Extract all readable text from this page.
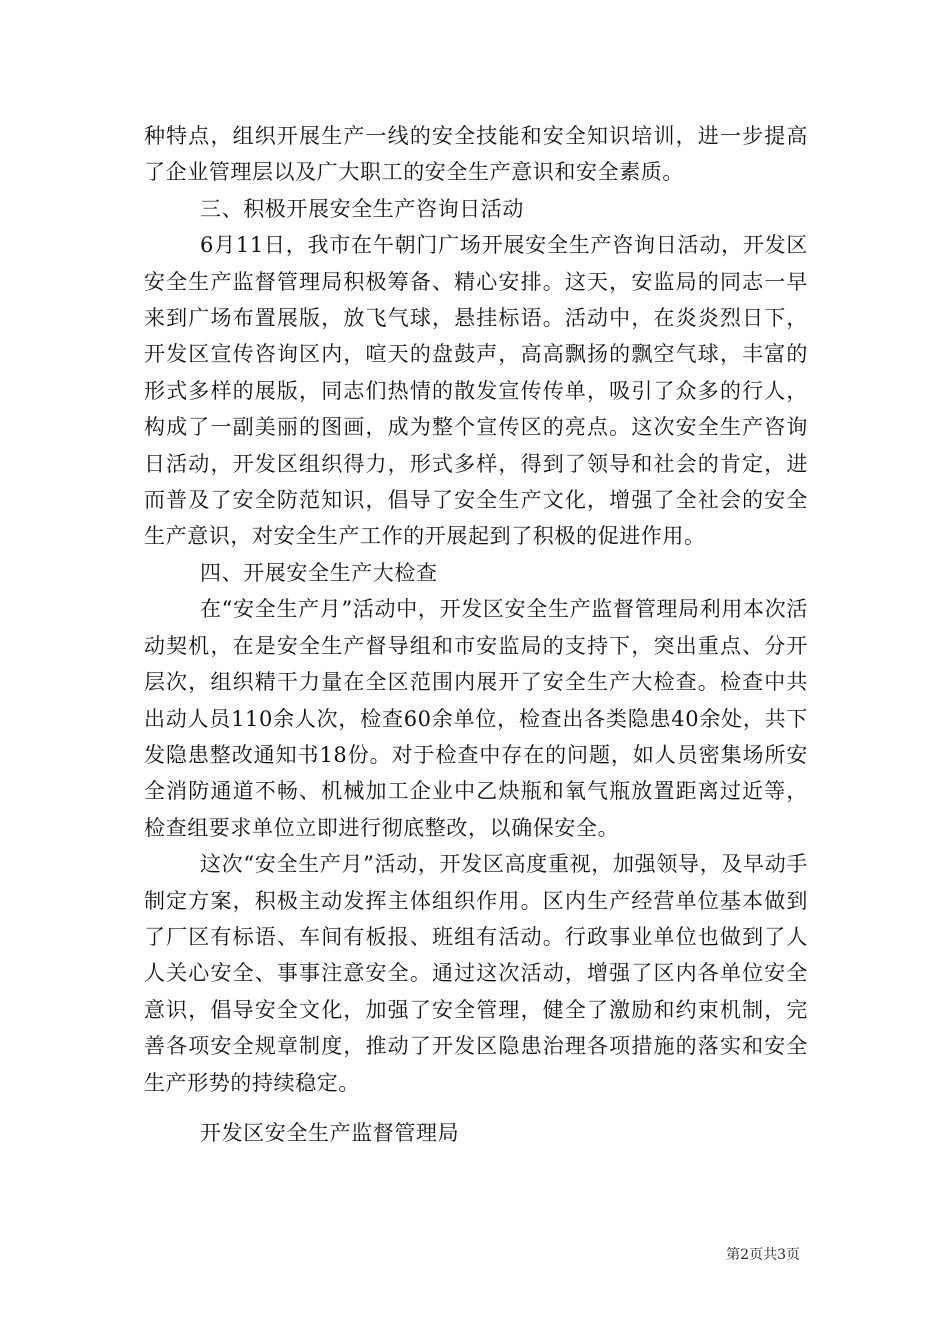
种特点，组织开展生产一线的安全技能和安全知识培训，进一步提高了企业管理层以及广大职工的安全生产意识和安全素质。

三、积极开展安全生产咨询日活动

6月11日，我市在午朝门广场开展安全生产咨询日活动，开发区安全生产监督管理局积极筹备、精心安排。这天，安监局的同志一早来到广场布置展版，放飞气球，悬挂标语。活动中，在炎炎烈日下，开发区宣传咨询区内，喧天的盘鼓声，高高飘扬的飘空气球，丰富的形式多样的展版，同志们热情的散发宣传传单，吸引了众多的行人，构成了一副美丽的图画，成为整个宣传区的亮点。这次安全生产咨询日活动，开发区组织得力，形式多样，得到了领导和社会的肯定，进而普及了安全防范知识，倡导了安全生产文化，增强了全社会的安全生产意识，对安全生产工作的开展起到了积极的促进作用。

四、开展安全生产大检查

在“安全生产月”活动中，开发区安全生产监督管理局利用本次活动契机，在是安全生产督导组和市安监局的支持下，突出重点、分开层次，组织精干力量在全区范围内展开了安全生产大检查。检查中共出动人员110余人次，检查60余单位，检查出各类隐患40余处，共下发隐患整改通知书18份。对于检查中存在的问题，如人员密集场所安全消防通道不畅、机械加工企业中乙炔瓶和氧气瓶放置距离过近等，检查组要求单位立即进行彻底整改，以确保安全。

这次“安全生产月”活动，开发区高度重视，加强领导，及早动手制定方案，积极主动发挥主体组织作用。区内生产经营单位基本做到了厂区有标语、车间有板报、班组有活动。行政事业单位也做到了人人关心安全、事事注意安全。通过这次活动，增强了区内各单位安全意识，倡导安全文化，加强了安全管理，健全了激励和约束机制，完善各项安全规章制度，推动了开发区隐患治理各项措施的落实和安全生产形势的持续稳定。

开发区安全生产监督管理局

第2页共3页
